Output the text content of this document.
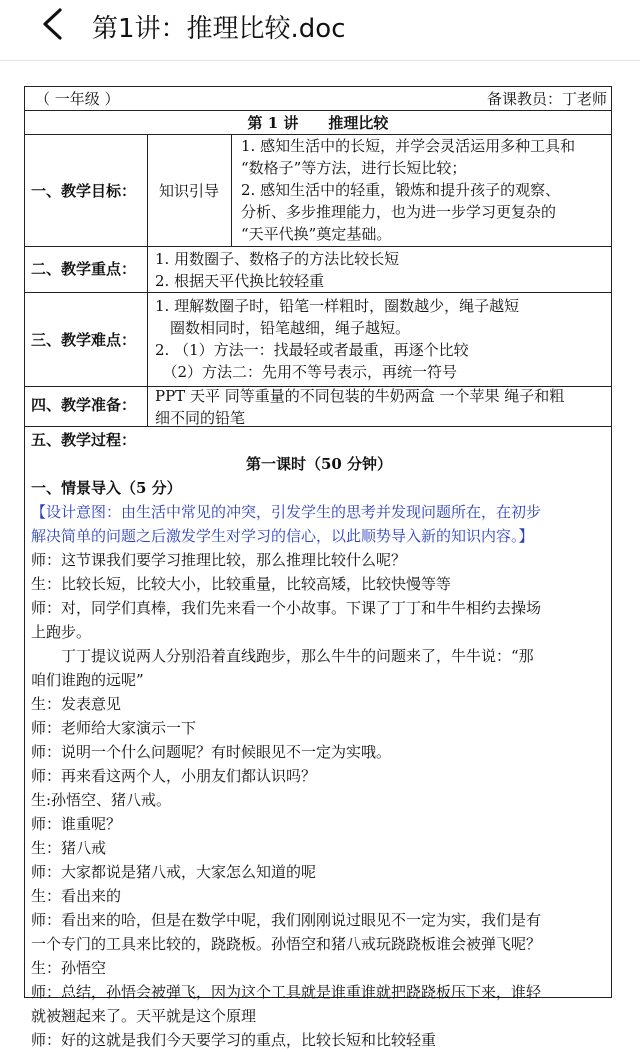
第1讲：推理比较.doc
（ 一年级 ）	备课教员：丁老师
第 1 讲　　推理比较
一、教学目标： 知识引导
1. 感知生活中的长短，并学会灵活运用多种工具和
“数格子”等方法，进行长短比较；
2. 感知生活中的轻重，锻炼和提升孩子的观察、
分析、多步推理能力，也为进一步学习更复杂的
“天平代换”奠定基础。
二、教学重点：
1. 用数圈子、数格子的方法比较长短
2. 根据天平代换比较轻重
三、教学难点：
1. 理解数圈子时，铅笔一样粗时，圈数越少，绳子越短
　圈数相同时，铅笔越细，绳子越短。
2. （1）方法一：找最轻或者最重，再逐个比较
　（2）方法二：先用不等号表示，再统一符号
四、教学准备： PPT 天平 同等重量的不同包装的牛奶两盒 一个苹果 绳子和粗
细不同的铅笔
五、教学过程：
第一课时（50 分钟）
一、情景导入（5 分）
【设计意图：由生活中常见的冲突，引发学生的思考并发现问题所在，在初步
解决简单的问题之后激发学生对学习的信心，以此顺势导入新的知识内容。】
师：这节课我们要学习推理比较，那么推理比较什么呢？
生：比较长短，比较大小，比较重量，比较高矮，比较快慢等等
师：对，同学们真棒，我们先来看一个小故事。下课了丁丁和牛牛相约去操场
上跑步。
　　丁丁提议说两人分别沿着直线跑步，那么牛牛的问题来了，牛牛说：“那
咱们谁跑的远呢”
生：发表意见
师：老师给大家演示一下
师：说明一个什么问题呢？有时候眼见不一定为实哦。
师：再来看这两个人，小朋友们都认识吗？
生:孙悟空、猪八戒。
师：谁重呢？
生：猪八戒
师：大家都说是猪八戒，大家怎么知道的呢
生：看出来的
师：看出来的哈，但是在数学中呢，我们刚刚说过眼见不一定为实，我们是有
一个专门的工具来比较的，跷跷板。孙悟空和猪八戒玩跷跷板谁会被弹飞呢？
生：孙悟空
师：总结，孙悟会被弹飞，因为这个工具就是谁重谁就把跷跷板压下来，谁轻
就被翘起来了。天平就是这个原理
师：好的这就是我们今天要学习的重点，比较长短和比较轻重
